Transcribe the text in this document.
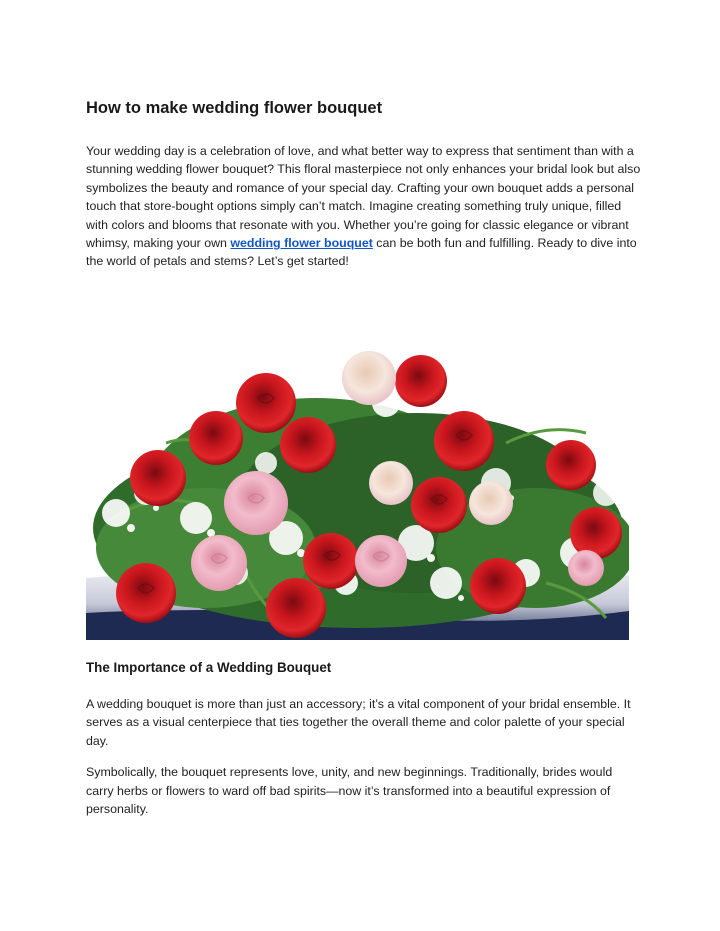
How to make wedding flower bouquet

Your wedding day is a celebration of love, and what better way to express that sentiment than with a stunning wedding flower bouquet? This floral masterpiece not only enhances your bridal look but also symbolizes the beauty and romance of your special day. Crafting your own bouquet adds a personal touch that store-bought options simply can’t match. Imagine creating something truly unique, filled with colors and blooms that resonate with you. Whether you’re going for classic elegance or vibrant whimsy, making your own wedding flower bouquet can be both fun and fulfilling. Ready to dive into the world of petals and stems? Let’s get started!

The Importance of a Wedding Bouquet

A wedding bouquet is more than just an accessory; it’s a vital component of your bridal ensemble. It serves as a visual centerpiece that ties together the overall theme and color palette of your special day.

Symbolically, the bouquet represents love, unity, and new beginnings. Traditionally, brides would carry herbs or flowers to ward off bad spirits—now it’s transformed into a beautiful expression of personality.
